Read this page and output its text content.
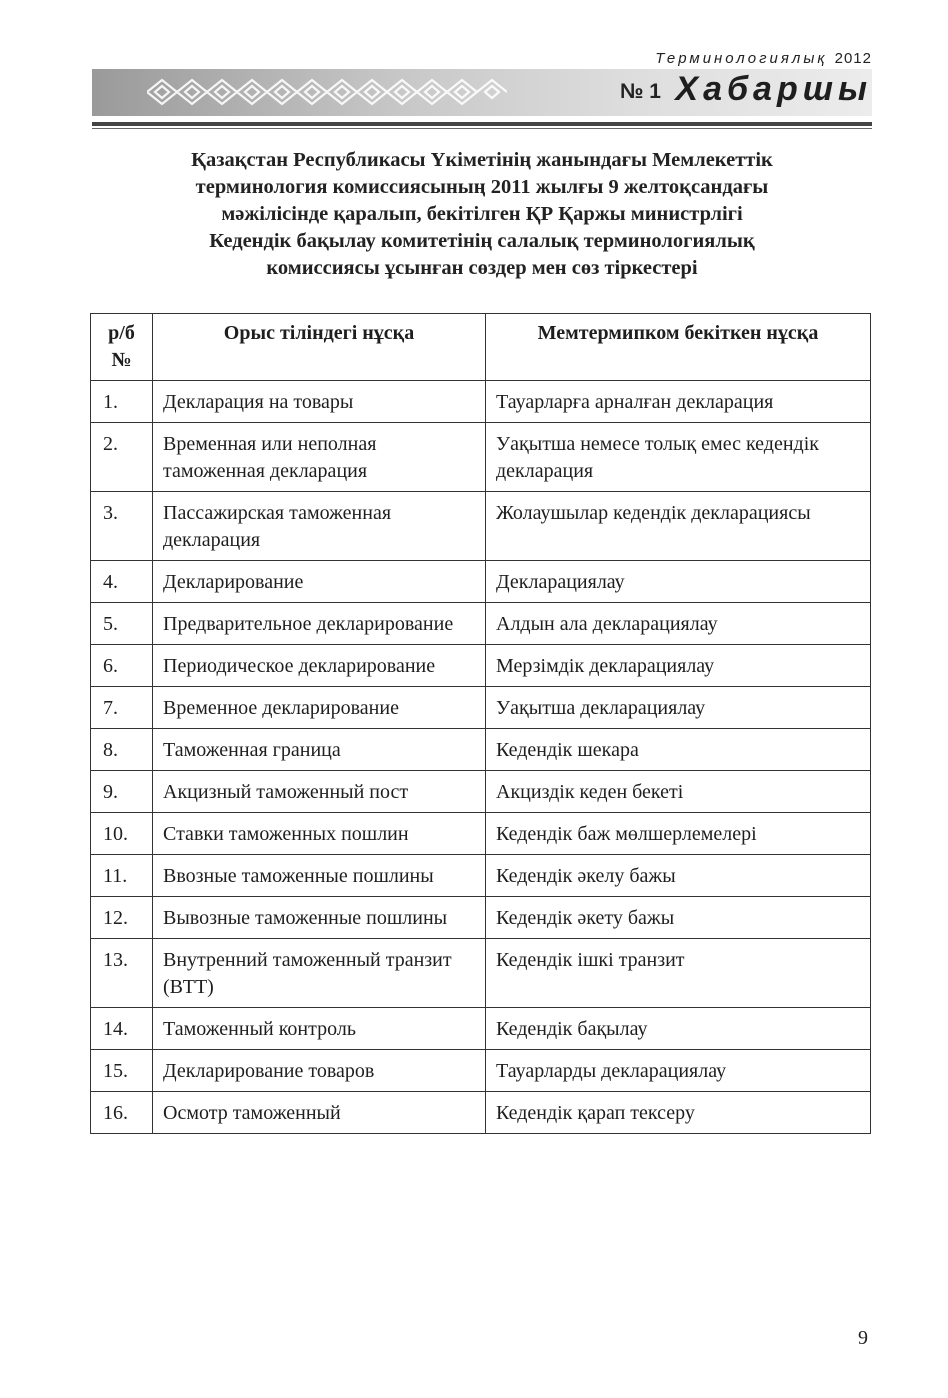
Терминологиялық 2012
№ 1 Хабаршы
Қазақстан Республикасы Үкіметінің жанындағы Мемлекеттік
терминология комиссиясының 2011 жылғы 9 желтоқсандағы
мәжілісінде қаралып, бекітілген ҚР Қаржы министрлігі
Кедендік бақылау комитетінің салалық терминологиялық
комиссиясы ұсынған сөздер мен сөз тіркестері
р/б
№	Орыс тіліндегі нұсқа	Мемтермипком бекіткен нұсқа
1.	Декларация на товары	Тауарларға арналған декларация
2.	Временная или неполная таможенная декларация	Уақытша немесе толық емес кедендік декларация
3.	Пассажирская таможенная декларация	Жолаушылар кедендік декларациясы
4.	Декларирование	Декларациялау
5.	Предварительное декларирование	Алдын ала декларациялау
6.	Периодическое декларирование	Мерзімдік декларациялау
7.	Временное декларирование	Уақытша декларациялау
8.	Таможенная граница	Кедендік шекара
9.	Акцизный таможенный пост	Акциздік кеден бекеті
10.	Ставки таможенных пошлин	Кедендік баж мөлшерлемелері
11.	Ввозные таможенные пошлины	Кедендік әкелу бажы
12.	Вывозные таможенные пошлины	Кедендік әкету бажы
13.	Внутренний таможенный транзит (ВТТ)	Кедендік ішкі транзит
14.	Таможенный контроль	Кедендік бақылау
15.	Декларирование товаров	Тауарларды декларациялау
16.	Осмотр таможенный	Кедендік қарап тексеру
9
